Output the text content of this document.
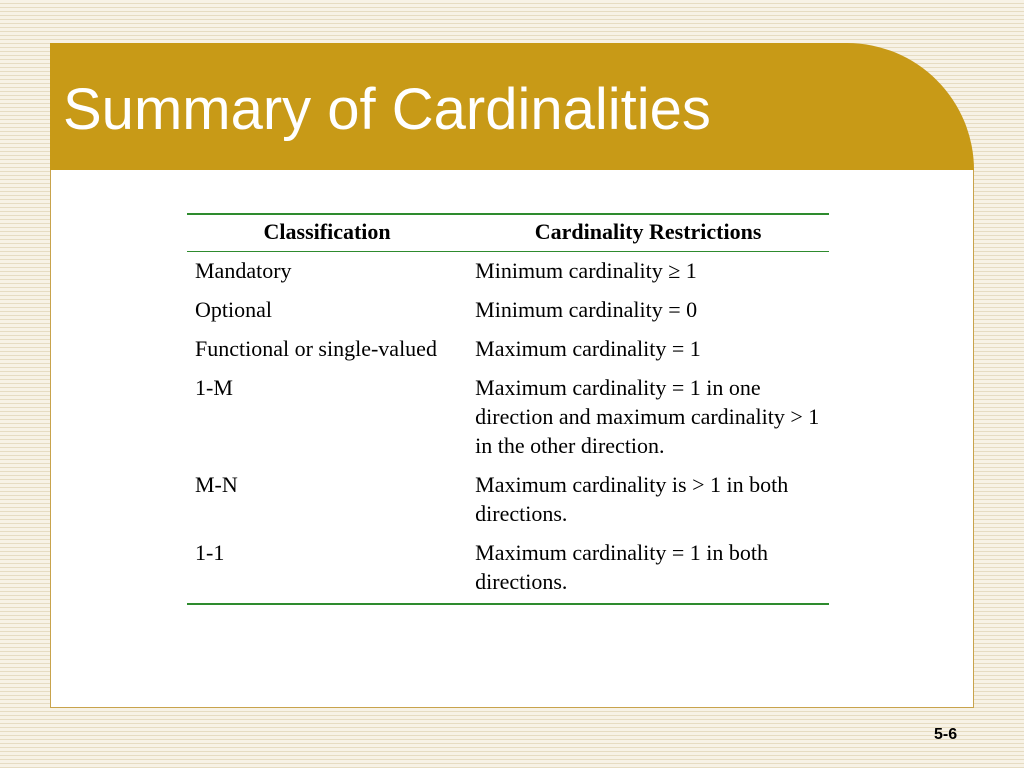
Summary of Cardinalities
Classification	Cardinality Restrictions
Mandatory	Minimum cardinality ≥ 1
Optional	Minimum cardinality = 0
Functional or single-valued	Maximum cardinality = 1
1-M	Maximum cardinality = 1 in one direction and maximum cardinality > 1 in the other direction.
M-N	Maximum cardinality is > 1 in both directions.
1-1	Maximum cardinality = 1 in both directions.
5-6
